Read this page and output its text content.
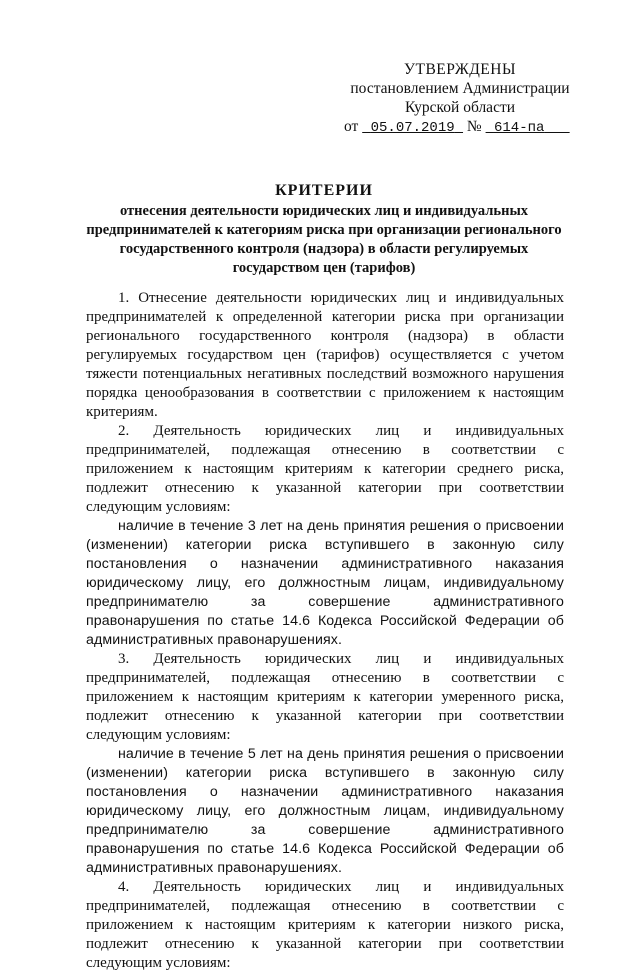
УТВЕРЖДЕНЫ
постановлением Администрации
Курской области
от 05.07.2019 № 614-па
КРИТЕРИИ
отнесения деятельности юридических лиц и индивидуальных предпринимателей к категориям риска при организации регионального государственного контроля (надзора) в области регулируемых государством цен (тарифов)

1. Отнесение деятельности юридических лиц и индивидуальных предпринимателей к определенной категории риска при организации регионального государственного контроля (надзора) в области регулируемых государством цен (тарифов) осуществляется с учетом тяжести потенциальных негативных последствий возможного нарушения порядка ценообразования в соответствии с приложением к настоящим критериям.

2. Деятельность юридических лиц и индивидуальных предпринимателей, подлежащая отнесению в соответствии с приложением к настоящим критериям к категории среднего риска, подлежит отнесению к указанной категории при соответствии следующим условиям:

наличие в течение 3 лет на день принятия решения о присвоении (изменении) категории риска вступившего в законную силу постановления о назначении административного наказания юридическому лицу, его должностным лицам, индивидуальному предпринимателю за совершение административного правонарушения по статье 14.6 Кодекса Российской Федерации об административных правонарушениях.

3. Деятельность юридических лиц и индивидуальных предпринимателей, подлежащая отнесению в соответствии с приложением к настоящим критериям к категории умеренного риска, подлежит отнесению к указанной категории при соответствии следующим условиям:

наличие в течение 5 лет на день принятия решения о присвоении (изменении) категории риска вступившего в законную силу постановления о назначении административного наказания юридическому лицу, его должностным лицам, индивидуальному предпринимателю за совершение административного правонарушения по статье 14.6 Кодекса Российской Федерации об административных правонарушениях.

4. Деятельность юридических лиц и индивидуальных предпринимателей, подлежащая отнесению в соответствии с приложением к настоящим критериям к категории низкого риска, подлежит отнесению к указанной категории при соответствии следующим условиям:
